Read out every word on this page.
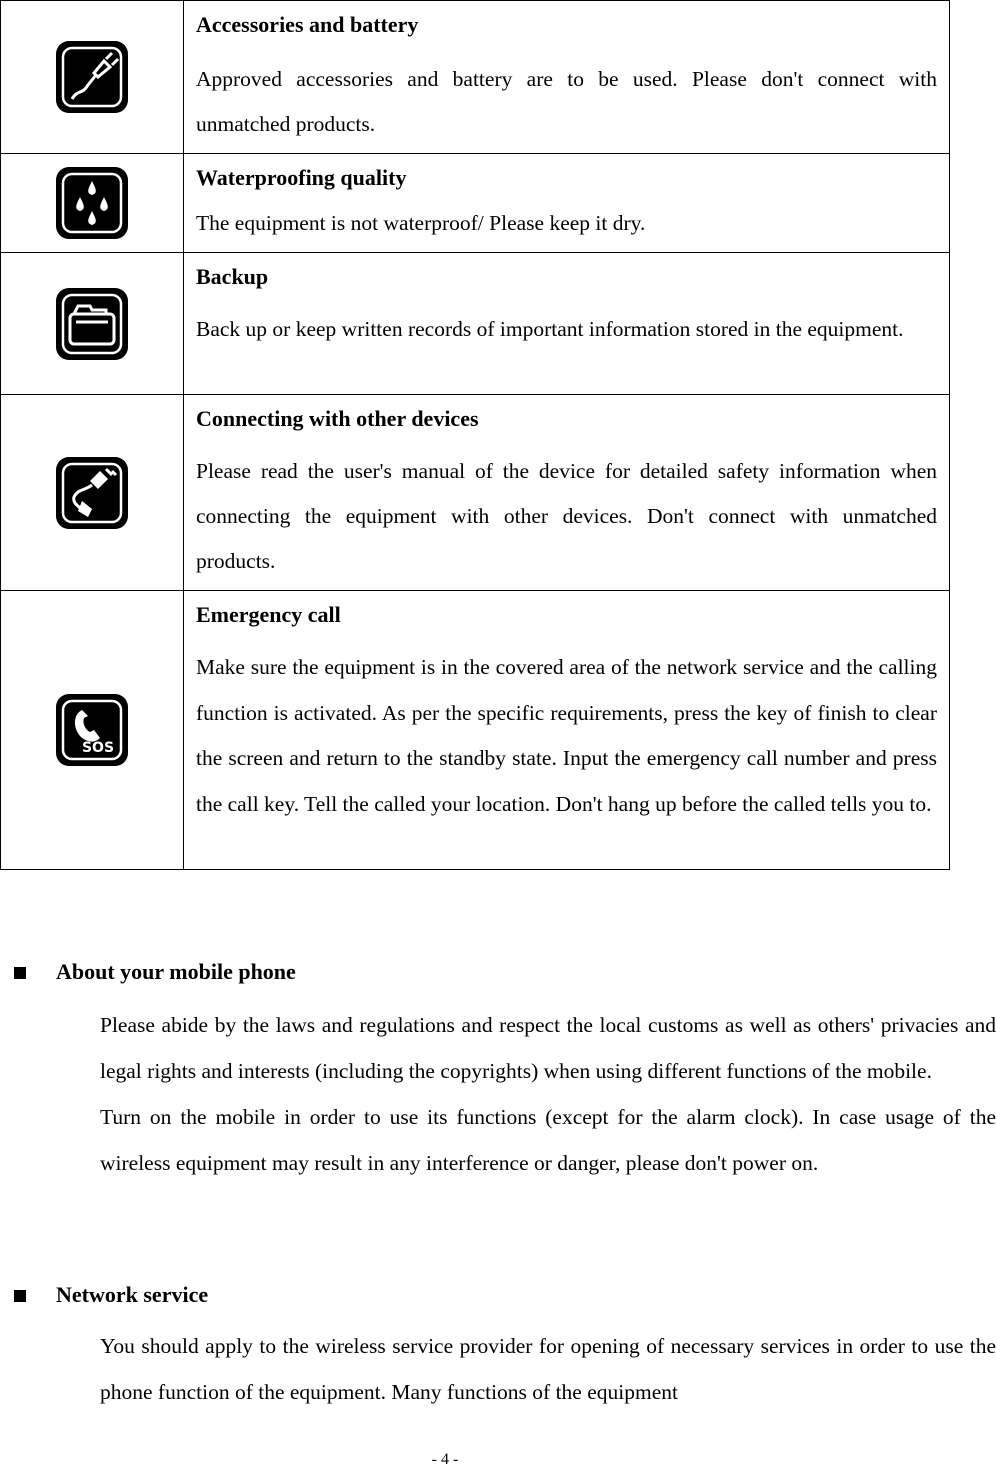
Accessories and battery
Approved accessories and battery are to be used. Please don't connect with unmatched products.

Waterproofing quality
The equipment is not waterproof/ Please keep it dry.

Backup
Back up or keep written records of important information stored in the equipment.

Connecting with other devices
Please read the user's manual of the device for detailed safety information when connecting the equipment with other devices. Don't connect with unmatched products.

SOS	Emergency call
Make sure the equipment is in the covered area of the network service and the calling function is activated. As per the specific requirements, press the key of finish to clear the screen and return to the standby state. Input the emergency call number and press the call key. Tell the called your location. Don't hang up before the called tells you to.
About your mobile phone
Please abide by the laws and regulations and respect the local customs as well as others' privacies and legal rights and interests (including the copyrights) when using different functions of the mobile.
Turn on the mobile in order to use its functions (except for the alarm clock). In case usage of the wireless equipment may result in any interference or danger, please don't power on.
Network service
You should apply to the wireless service provider for opening of necessary services in order to use the phone function of the equipment. Many functions of the equipment
- 4 -
